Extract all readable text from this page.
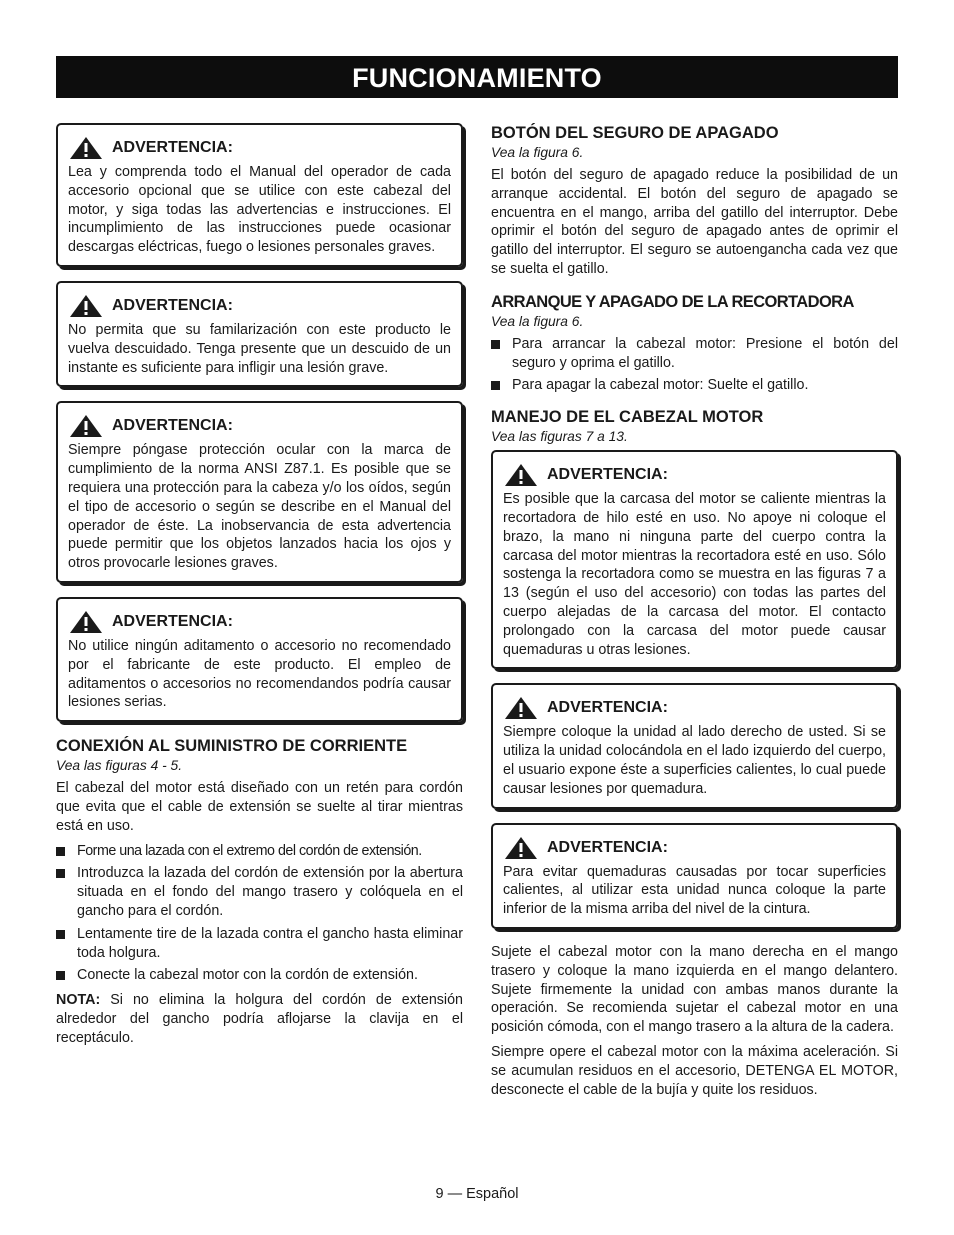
FUNCIONAMIENTO
ADVERTENCIA:

Lea y comprenda todo el Manual del operador de cada accesorio opcional que se utilice con este cabezal del motor, y siga todas las advertencias e instrucciones. El incumplimiento de las instrucciones puede ocasionar descargas eléctricas, fuego o lesiones personales graves.

ADVERTENCIA:

No permita que su familarización con este producto le vuelva descuidado. Tenga presente que un descuido de un instante es suficiente para infligir una lesión grave.

ADVERTENCIA:

Siempre póngase protección ocular con la marca de cumplimiento de la norma ANSI Z87.1. Es posible que se requiera una protección para la cabeza y/o los oídos, según el tipo de accesorio o según se describe en el Manual del operador de éste. La inobservancia de esta advertencia puede permitir que los objetos lanzados hacia los ojos y otros provocarle lesiones graves.

ADVERTENCIA:

No utilice ningún aditamento o accesorio no recomendado por el fabricante de este producto. El empleo de aditamentos o accesorios no recomendandos podría causar lesiones serias.

CONEXIÓN AL SUMINISTRO DE CORRIENTE
Vea las figuras 4 - 5.

El cabezal del motor está diseñado con un retén para cordón que evita que el cable de extensión se suelte al tirar mientras está en uso.

Forme una lazada con el extremo del cordón de extensión.
Introduzca la lazada del cordón de extensión por la abertura situada en el fondo del mango trasero y colóquela en el gancho para el cordón.
Lentamente tire de la lazada contra el gancho hasta eliminar toda holgura.
Conecte la cabezal motor con la cordón de extensión.

NOTA: Si no elimina la holgura del cordón de extensión alrededor del gancho podría aflojarse la clavija en el receptáculo.

BOTÓN DEL SEGURO DE APAGADO
Vea la figura 6.

El botón del seguro de apagado reduce la posibilidad de un arranque accidental. El botón del seguro de apagado se encuentra en el mango, arriba del gatillo del interruptor. Debe oprimir el botón del seguro de apagado antes de oprimir el gatillo del interruptor. El seguro se autoengancha cada vez que se suelta el gatillo.

ARRANQUE Y APAGADO DE LA RECORTADORA
Vea la figura 6.
Para arrancar la cabezal motor: Presione el botón del seguro y oprima el gatillo.
Para apagar la cabezal motor: Suelte el gatillo.
MANEJO DE EL CABEZAL MOTOR
Vea las figuras 7 a 13.
ADVERTENCIA:

Es posible que la carcasa del motor se caliente mientras la recortadora de hilo esté en uso. No apoye ni coloque el brazo, la mano ni ninguna parte del cuerpo contra la carcasa del motor mientras la recortadora esté en uso. Sólo sostenga la recortadora como se muestra en las figuras 7 a 13 (según el uso del accesorio) con todas las partes del cuerpo alejadas de la carcasa del motor. El contacto prolongado con la carcasa del motor puede causar quemaduras u otras lesiones.

ADVERTENCIA:

Siempre coloque la unidad al lado derecho de usted. Si se utiliza la unidad colocándola en el lado izquierdo del cuerpo, el usuario expone éste a superficies calientes, lo cual puede causar lesiones por quemadura.

ADVERTENCIA:

Para evitar quemaduras causadas por tocar superficies calientes, al utilizar esta unidad nunca coloque la parte inferior de la misma arriba del nivel de la cintura.

Sujete el cabezal motor con la mano derecha en el mango trasero y coloque la mano izquierda en el mango delantero. Sujete firmemente la unidad con ambas manos durante la operación. Se recomienda sujetar el cabezal motor en una posición cómoda, con el mango trasero a la altura de la cadera.

Siempre opere el cabezal motor con la máxima aceleración. Si se acumulan residuos en el accesorio, DETENGA EL MOTOR, desconecte el cable de la bujía y quite los residuos.

9 — Español
